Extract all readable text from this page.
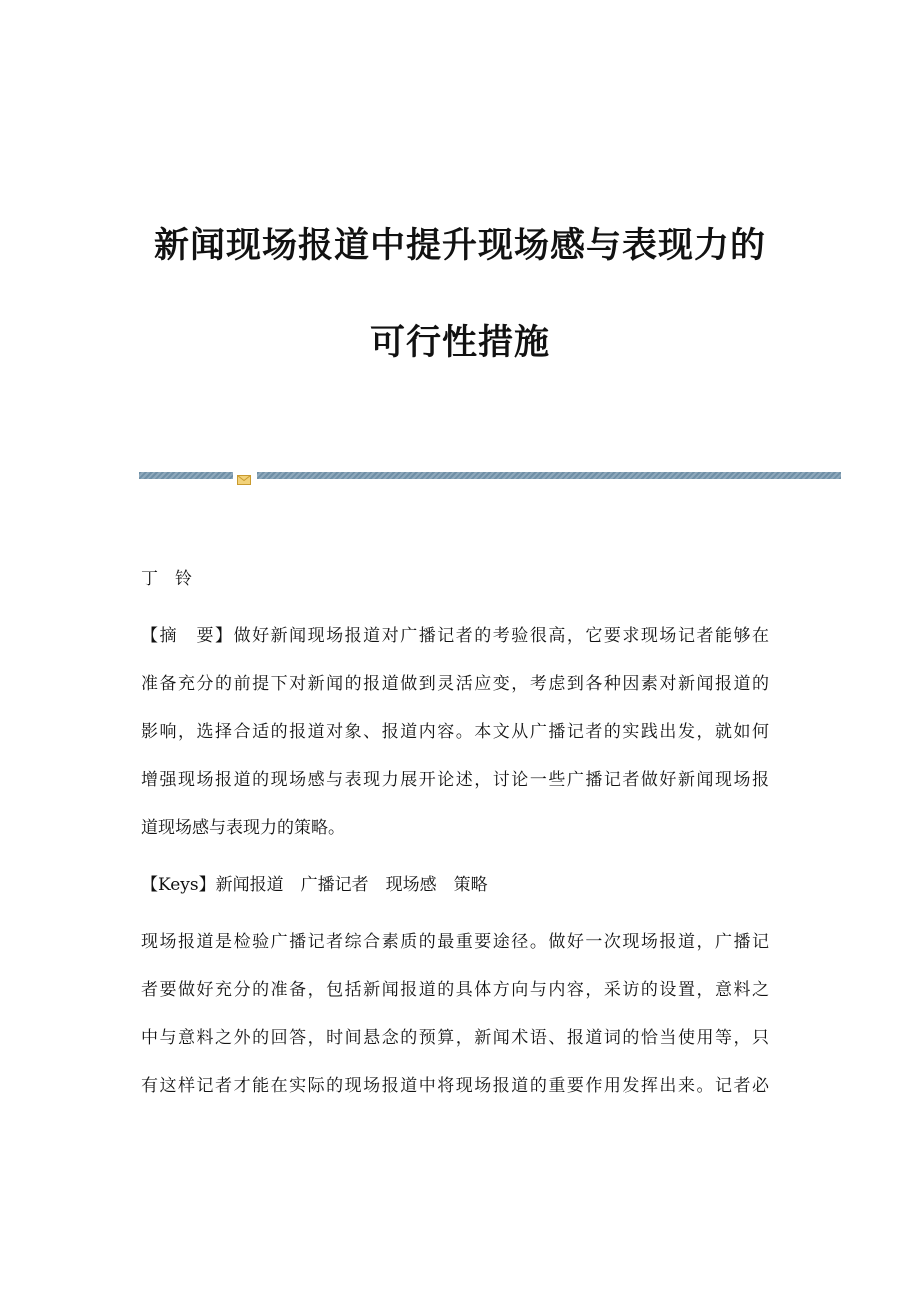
新闻现场报道中提升现场感与表现力的
可行性措施
丁　铃
【摘　要】做好新闻现场报道对广播记者的考验很高，它要求现场记者能够在
准备充分的前提下对新闻的报道做到灵活应变，考虑到各种因素对新闻报道的
影响，选择合适的报道对象、报道内容。本文从广播记者的实践出发，就如何
增强现场报道的现场感与表现力展开论述，讨论一些广播记者做好新闻现场报
道现场感与表现力的策略。
【Keys】新闻报道　广播记者　现场感　策略
现场报道是检验广播记者综合素质的最重要途径。做好一次现场报道，广播记
者要做好充分的准备，包括新闻报道的具体方向与内容，采访的设置，意料之
中与意料之外的回答，时间悬念的预算，新闻术语、报道词的恰当使用等，只
有这样记者才能在实际的现场报道中将现场报道的重要作用发挥出来。记者必
